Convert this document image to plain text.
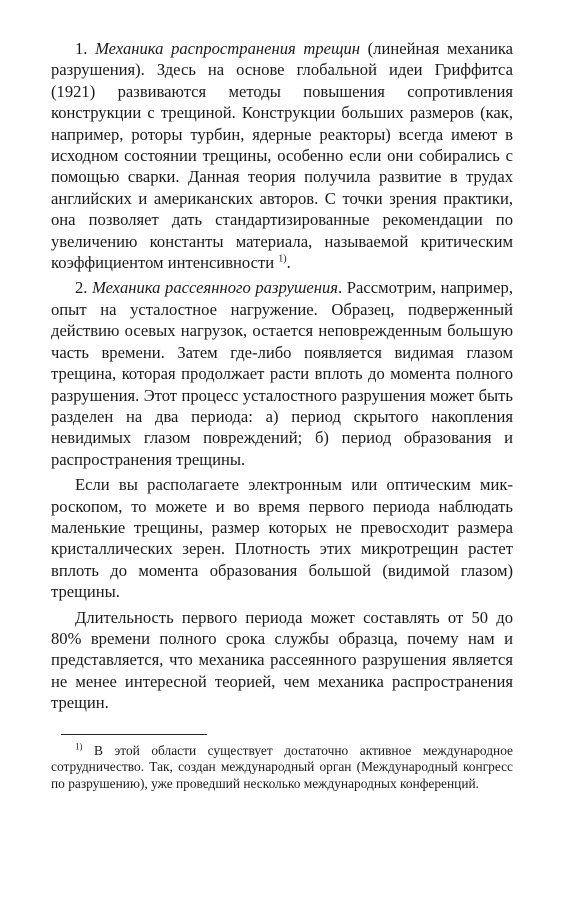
1. Механика распространения трещин (линейная механика разрушения). Здесь на основе глобальной идеи Гриффитса (1921) развиваются методы повышения сопротивления конструкции с трещиной. Конструкции больших размеров (как, например, роторы турбин, ядерные реакторы) всегда имеют в исходном состоянии трещины, особенно если они собирались с помощью сварки. Данная теория получила развитие в трудах английских и американских авторов. С точки зрения практики, она позволяет дать стандартизированные рекомендации по увеличению константы материала, называемой критическим коэффициентом интенсивности $^{1)}$.

2. Механика рассеянного разрушения. Рассмотрим, например, опыт на усталостное нагружение. Образец, подверженный действию осевых нагрузок, остается неповрежденным большую часть времени. Затем где-либо появляется видимая глазом трещина, которая продолжает расти вплоть до момента полного разрушения. Этот процесс усталостного разрушения может быть разделен на два периода: а) период скрытого накопления невидимых глазом повреждений; б) период образования и распространения трещины.

Если вы располагаете электронным или оптическим микроскопом, то можете и во время первого периода наблюдать маленькие трещины, размер которых не превосходит размера кристаллических зерен. Плотность этих микротрещин растет вплоть до момента образования большой (видимой глазом) трещины.

Длительность первого периода может составлять от 50 до 80% времени полного срока службы образца, почему нам и представляется, что механика рассеянного разрушения является не менее интересной теорией, чем механика распространения трещин.

$^{1)}$ В этой области существует достаточно активное международное сотрудничество. Так, создан международный орган (Международный конгресс по разрушению), уже проведший несколько международных конференций.
